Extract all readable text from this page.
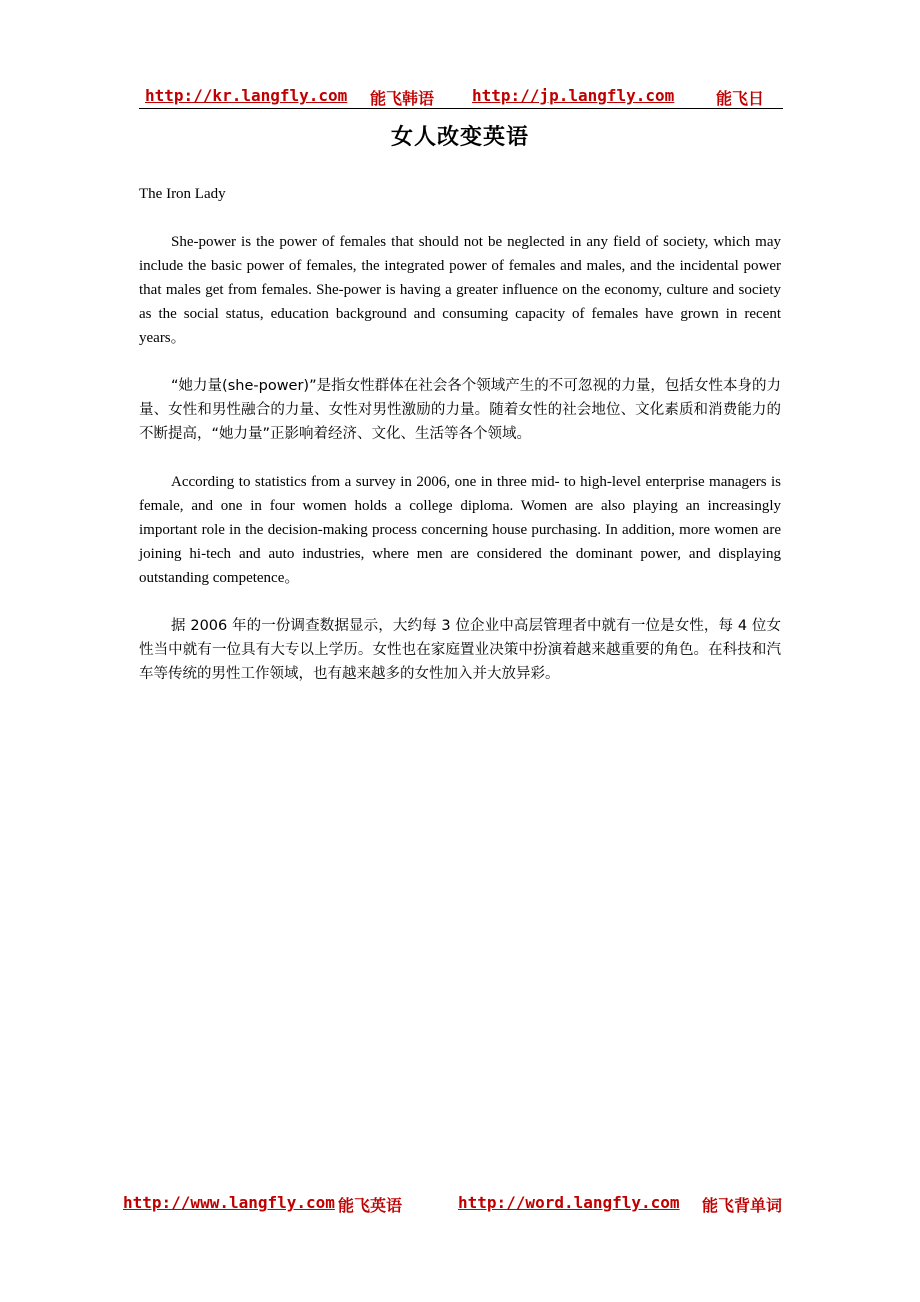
http://kr.langfly.com 能飞韩语 http://jp.langfly.com	能飞日
女人改变英语
The Iron Lady

She-power is the power of females that should not be neglected in any field of society, which may include the basic power of females, the integrated power of females and males, and the incidental power that males get from females. She-power is having a greater influence on the economy, culture and society as the social status, education background and consuming capacity of females have grown in recent years。

“她力量(she-power)”是指女性群体在社会各个领域产生的不可忽视的力量，包括女性本身的力量、女性和男性融合的力量、女性对男性激励的力量。随着女性的社会地位、文化素质和消费能力的不断提高，“她力量”正影响着经济、文化、生活等各个领域。

According to statistics from a survey in 2006, one in three mid- to high-level enterprise managers is female, and one in four women holds a college diploma. Women are also playing an increasingly important role in the decision-making process concerning house purchasing. In addition, more women are joining hi-tech and auto industries, where men are considered the dominant power, and displaying outstanding competence。

据 2006 年的一份调查数据显示，大约每 3 位企业中高层管理者中就有一位是女性，每 4 位女性当中就有一位具有大专以上学历。女性也在家庭置业决策中扮演着越来越重要的角色。在科技和汽车等传统的男性工作领域，也有越来越多的女性加入并大放异彩。

http://www.langfly.com 能飞英语	http://word.langfly.com 能飞背单词
